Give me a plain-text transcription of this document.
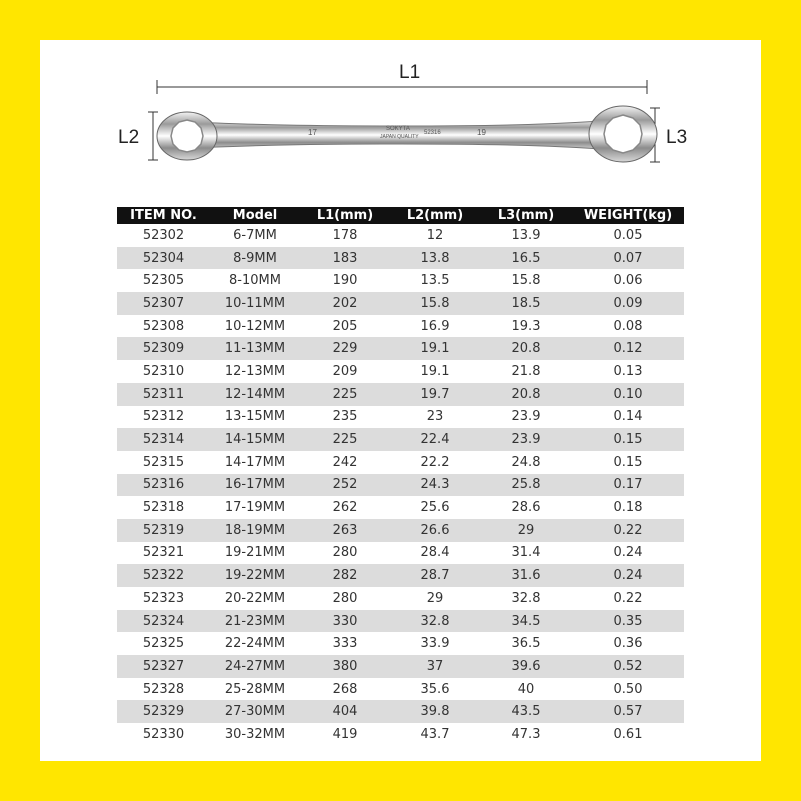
L1
L2	L3
17	SOKYTA
JAPAN QUALITY
52316	19
ITEM NO.	Model	L1(mm)	L2(mm)	L3(mm)	WEIGHT(kg)
52302	6-7MM	178	12	13.9	0.05
52304	8-9MM	183	13.8	16.5	0.07
52305	8-10MM	190	13.5	15.8	0.06
52307	10-11MM	202	15.8	18.5	0.09
52308	10-12MM	205	16.9	19.3	0.08
52309	11-13MM	229	19.1	20.8	0.12
52310	12-13MM	209	19.1	21.8	0.13
52311	12-14MM	225	19.7	20.8	0.10
52312	13-15MM	235	23	23.9	0.14
52314	14-15MM	225	22.4	23.9	0.15
52315	14-17MM	242	22.2	24.8	0.15
52316	16-17MM	252	24.3	25.8	0.17
52318	17-19MM	262	25.6	28.6	0.18
52319	18-19MM	263	26.6	29	0.22
52321	19-21MM	280	28.4	31.4	0.24
52322	19-22MM	282	28.7	31.6	0.24
52323	20-22MM	280	29	32.8	0.22
52324	21-23MM	330	32.8	34.5	0.35
52325	22-24MM	333	33.9	36.5	0.36
52327	24-27MM	380	37	39.6	0.52
52328	25-28MM	268	35.6	40	0.50
52329	27-30MM	404	39.8	43.5	0.57
52330	30-32MM	419	43.7	47.3	0.61
